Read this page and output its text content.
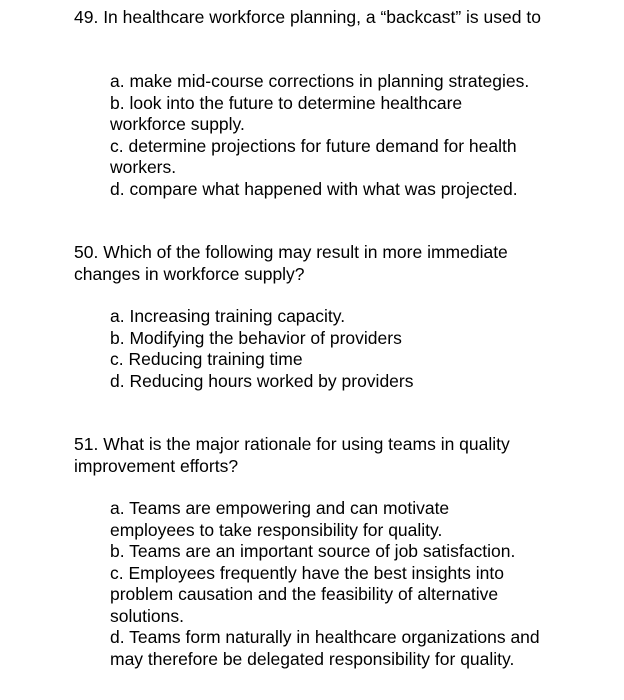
49. In healthcare workforce planning, a “backcast” is used to

a. make mid-course corrections in planning strategies.
b. look into the future to determine healthcare workforce supply.
c. determine projections for future demand for health workers.
d. compare what happened with what was projected.

50. Which of the following may result in more immediate changes in workforce supply?

a. Increasing training capacity.
b. Modifying the behavior of providers
c. Reducing training time
d. Reducing hours worked by providers

51. What is the major rationale for using teams in quality improvement efforts?

a. Teams are empowering and can motivate employees to take responsibility for quality.
b. Teams are an important source of job satisfaction.
c. Employees frequently have the best insights into problem causation and the feasibility of alternative solutions.
d. Teams form naturally in healthcare organizations and may therefore be delegated responsibility for quality.
